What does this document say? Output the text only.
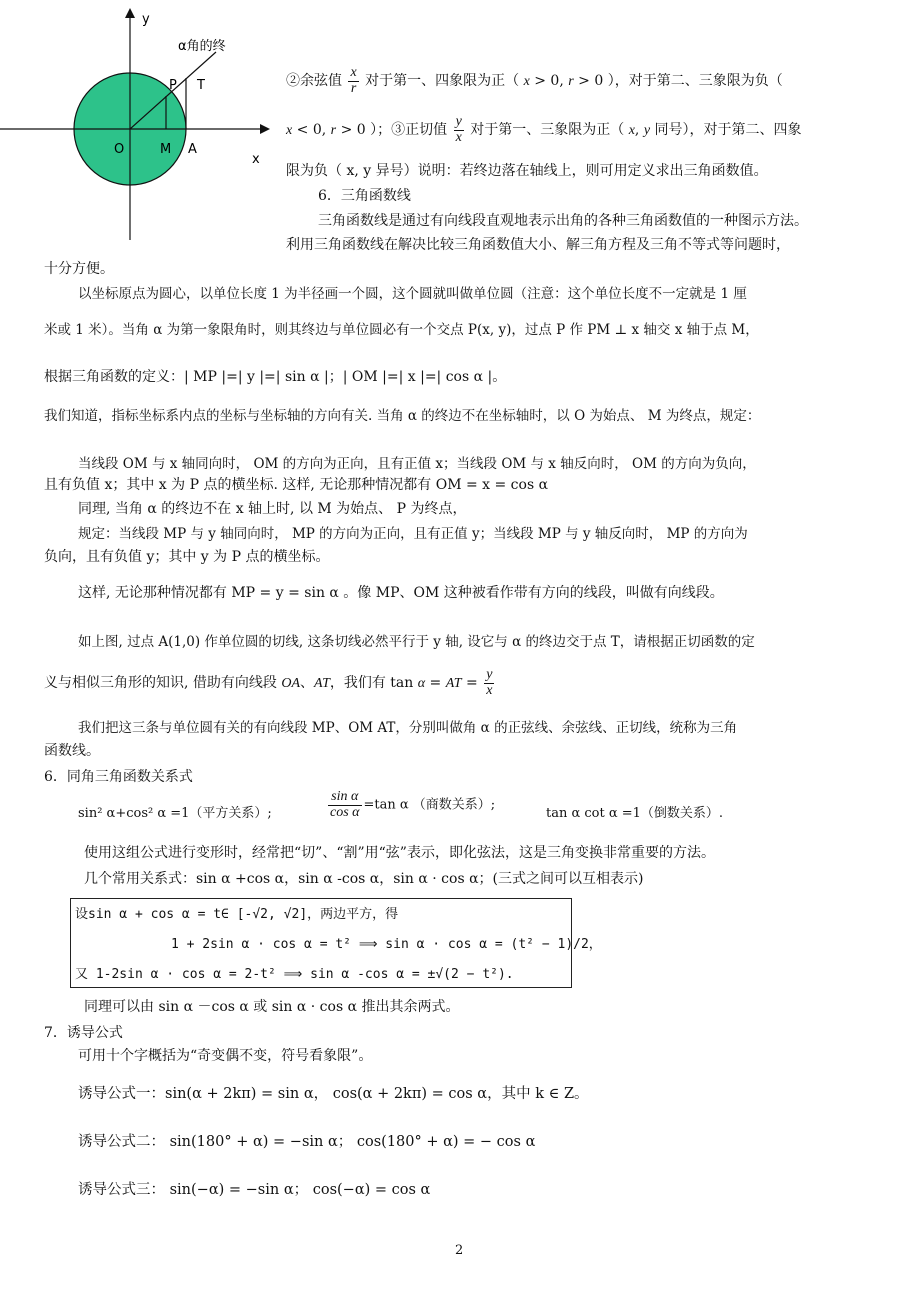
y
x
α角的终
P T
O	M A
②余弦值 $\frac{x}{r}$ 对于第一、四象限为正（ x > 0, r > 0 ），对于第二、三象限为负（
x < 0, r > 0 ）；③正切值 $\frac{y}{x}$ 对于第一、三象限为正（ x, y 同号），对于第二、四象
限为负（ x, y 异号）说明：若终边落在轴线上，则可用定义求出三角函数值。
6．三角函数线
三角函数线是通过有向线段直观地表示出角的各种三角函数值的一种图示方法。
利用三角函数线在解决比较三角函数值大小、解三角方程及三角不等式等问题时，
十分方便。
以坐标原点为圆心，以单位长度 1 为半径画一个圆，这个圆就叫做单位圆（注意：这个单位长度不一定就是 1 厘
米或 1 米）。当角 α 为第一象限角时，则其终边与单位圆必有一个交点 P(x, y)，过点 P 作 PM ⊥ x 轴交 x 轴于点 M，
根据三角函数的定义：| MP |=| y |=| sin α |；| OM |=| x |=| cos α |。
我们知道，指标坐标系内点的坐标与坐标轴的方向有关. 当角 α 的终边不在坐标轴时，以 O 为始点、 M 为终点，规定：
当线段 OM 与 x 轴同向时， OM 的方向为正向，且有正值 x；当线段 OM 与 x 轴反向时， OM 的方向为负向，
且有负值 x；其中 x 为 P 点的横坐标. 这样, 无论那种情况都有 OM = x = cos α
同理, 当角 α 的终边不在 x 轴上时, 以 M 为始点、 P 为终点，
规定：当线段 MP 与 y 轴同向时， MP 的方向为正向，且有正值 y；当线段 MP 与 y 轴反向时， MP 的方向为
负向，且有负值 y；其中 y 为 P 点的横坐标。
这样, 无论那种情况都有 MP = y = sin α 。像 MP、OM 这种被看作带有方向的线段，叫做有向线段。
如上图, 过点 A(1,0) 作单位圆的切线, 这条切线必然平行于 y 轴, 设它与 α 的终边交于点 T，请根据正切函数的定
义与相似三角形的知识, 借助有向线段 OA、AT，我们有 tan α = AT = $\frac{y}{x}$
我们把这三条与单位圆有关的有向线段 MP、OM AT，分别叫做角 α 的正弦线、余弦线、正切线，统称为三角
函数线。
6．同角三角函数关系式
sin² α+cos² α =1（平方关系）;	$\frac{\text{sin α}}{\text{cos α}} =\tan$ α （商数关系）;
tan α cot α =1（倒数关系）.
使用这组公式进行变形时，经常把“切”、“割”用“弦”表示，即化弦法，这是三角变换非常重要的方法。
几个常用关系式：sin α +cos α，sin α -cos α，sin α · cos α；(三式之间可以互相表示)
设sin α + cos α = t∈ [-√2, √2]，两边平方，得
1 + 2sin α · cos α = t² ⟹ sin α · cos α = (t² − 1)/2，
又 1-2sin α · cos α = 2-t² ⟹ sin α -cos α = ±√(2 − t²).
同理可以由 sin α －cos α 或 sin α · cos α 推出其余两式。
7．诱导公式
可用十个字概括为“奇变偶不变，符号看象限”。
诱导公式一：sin(α + 2kπ) = sin α， cos(α + 2kπ) = cos α，其中 k ∈ Z。
诱导公式二： sin(180° + α) = −sin α； cos(180° + α) = − cos α
诱导公式三： sin(−α) = −sin α； cos(−α) = cos α
2
